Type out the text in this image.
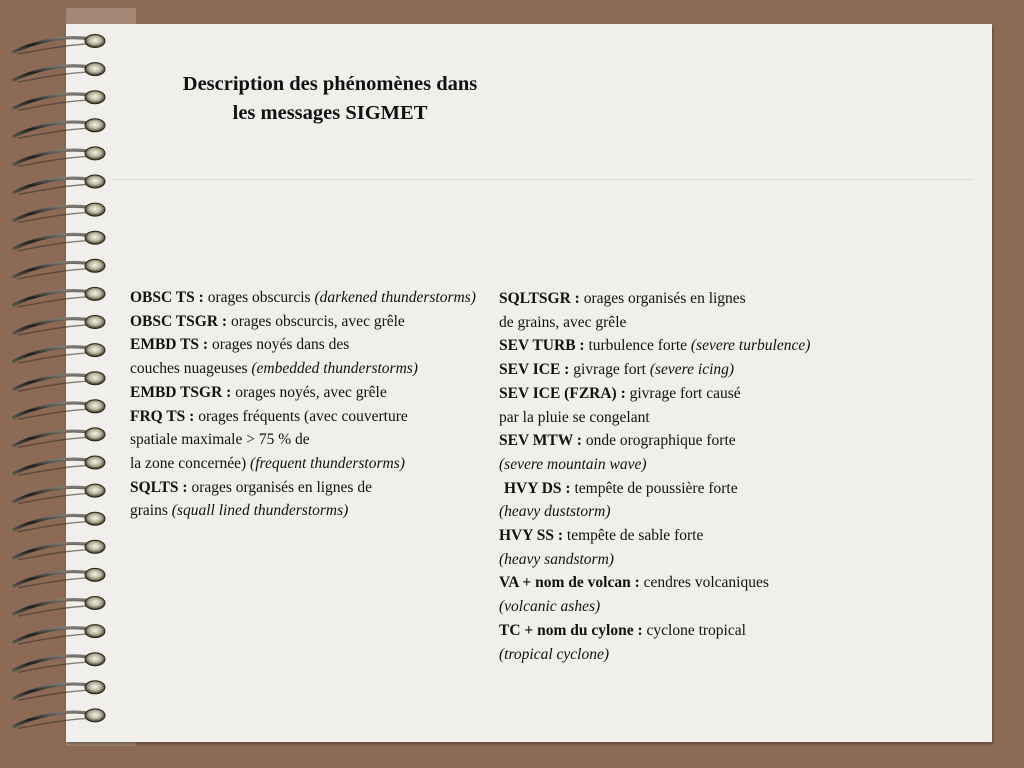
Description des phénomènes dans
les messages SIGMET
OBSC TS : orages obscurcis (darkened thunderstorms)
OBSC TSGR : orages obscurcis, avec grêle
EMBD TS : orages noyés dans des
couches nuageuses (embedded thunderstorms)
EMBD TSGR : orages noyés, avec grêle
FRQ TS : orages fréquents (avec couverture
spatiale maximale > 75 % de
la zone concernée) (frequent thunderstorms)
SQLTS : orages organisés en lignes de
grains (squall lined thunderstorms)
SQLTSGR : orages organisés en lignes
de grains, avec grêle
SEV TURB : turbulence forte (severe turbulence)
SEV ICE : givrage fort (severe icing)
SEV ICE (FZRA) : givrage fort causé
par la pluie se congelant
SEV MTW : onde orographique forte
(severe mountain wave)
HVY DS : tempête de poussière forte
(heavy duststorm)
HVY SS : tempête de sable forte
(heavy sandstorm)
VA + nom de volcan : cendres volcaniques
(volcanic ashes)
TC + nom du cylone : cyclone tropical
(tropical cyclone)
